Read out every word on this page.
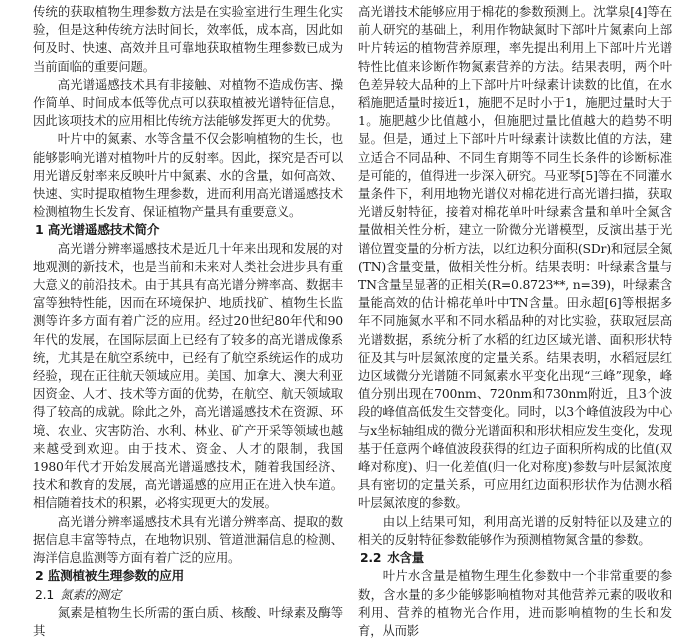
传统的获取植物生理参数方法是在实验室进行生理生化实验，但是这种传统方法时间长，效率低，成本高，因此如何及时、快速、高效并且可靠地获取植物生理参数已成为当前面临的重要问题。

高光谱遥感技术具有非接触、对植物不造成伤害、操作简单、时间成本低等优点可以获取植被光谱特征信息，因此该项技术的应用相比传统方法能够发挥更大的优势。

叶片中的氮素、水等含量不仅会影响植物的生长，也能够影响光谱对植物叶片的反射率。因此，探究是否可以用光谱反射率来反映叶片中氮素、水的含量，如何高效、快速、实时提取植物生理参数，进而利用高光谱遥感技术检测植物生长发育、保证植物产量具有重要意义。

1 高光谱遥感技术简介

高光谱分辨率遥感技术是近几十年来出现和发展的对地观测的新技术，也是当前和未来对人类社会进步具有重大意义的前沿技术。由于其具有高光谱分辨率高、数据丰富等独特性能，因而在环境保护、地质找矿、植物生长监测等许多方面有着广泛的应用。经过20世纪80年代和90年代的发展，在国际层面上已经有了较多的高光谱成像系统，尤其是在航空系统中，已经有了航空系统运作的成功经验，现在正往航天领域应用。美国、加拿大、澳大利亚因资金、人才、技术等方面的优势，在航空、航天领域取得了较高的成就。除此之外，高光谱遥感技术在资源、环境、农业、灾害防治、水利、林业、矿产开采等领域也越来越受到欢迎。由于技术、资金、人才的限制，我国1980年代才开始发展高光谱遥感技术，随着我国经济、技术和教育的发展，高光谱遥感的应用正在进入快车道。相信随着技术的积累，必将实现更大的发展。

高光谱分辨率遥感技术具有光谱分辨率高、提取的数据信息丰富等特点，在地物识别、管道泄漏信息的检测、海洋信息监测等方面有着广泛的应用。

2 监测植被生理参数的应用
2.1 氮素的测定

氮素是植物生长所需的蛋白质、核酸、叶绿素及酶等其

高光谱技术能够应用于棉花的参数预测上。沈掌泉[4]等在前人研究的基础上，利用作物缺氮时下部叶片氮素向上部叶片转运的植物营养原理，率先提出利用上下部叶片光谱特性比值来诊断作物氮素营养的方法。结果表明，两个叶色差异较大品种的上下部叶片叶绿素计读数的比值，在水稻施肥适量时接近1，施肥不足时小于1，施肥过量时大于1。施肥越少比值越小，但施肥过量比值越大的趋势不明显。但是，通过上下部叶片叶绿素计读数比值的方法，建立适合不同品种、不同生育期等不同生长条件的诊断标准是可能的，值得进一步深入研究。马亚琴[5]等在不同灌水量条件下，利用地物光谱仪对棉花进行高光谱扫描，获取光谱反射特征，接着对棉花单叶叶绿素含量和单叶全氮含量做相关性分析，建立一阶微分光谱模型，反演出基于光谱位置变量的分析方法，以红边积分面积(SDr)和冠层全氮(TN)含量变量，做相关性分析。结果表明：叶绿素含量与TN含量呈显著的正相关(R=0.8723**, n=39)，叶绿素含量能高效的估计棉花单叶中TN含量。田永超[6]等根据多年不同施氮水平和不同水稻品种的对比实验，获取冠层高光谱数据，系统分析了水稻的红边区域光谱、面积形状特征及其与叶层氮浓度的定量关系。结果表明，水稻冠层红边区域微分光谱随不同氮素水平变化出现“三峰”现象，峰值分别出现在700nm、720nm和730nm附近，且3个波段的峰值高低发生交替变化。同时，以3个峰值波段为中心与x坐标轴组成的微分光谱面积和形状相应发生变化，发现基于任意两个峰值波段获得的红边子面积所构成的比值(双峰对称度)、归一化差值(归一化对称度)参数与叶层氮浓度具有密切的定量关系，可应用红边面积形状作为估测水稻叶层氮浓度的参数。

由以上结果可知，利用高光谱的反射特征以及建立的相关的反射特征参数能够作为预测植物氮含量的参数。

2.2 水含量

叶片水含量是植物生理生化参数中一个非常重要的参数，含水量的多少能够影响植物对其他营养元素的吸收和利用、营养的植物光合作用，进而影响植物的生长和发育，从而影
